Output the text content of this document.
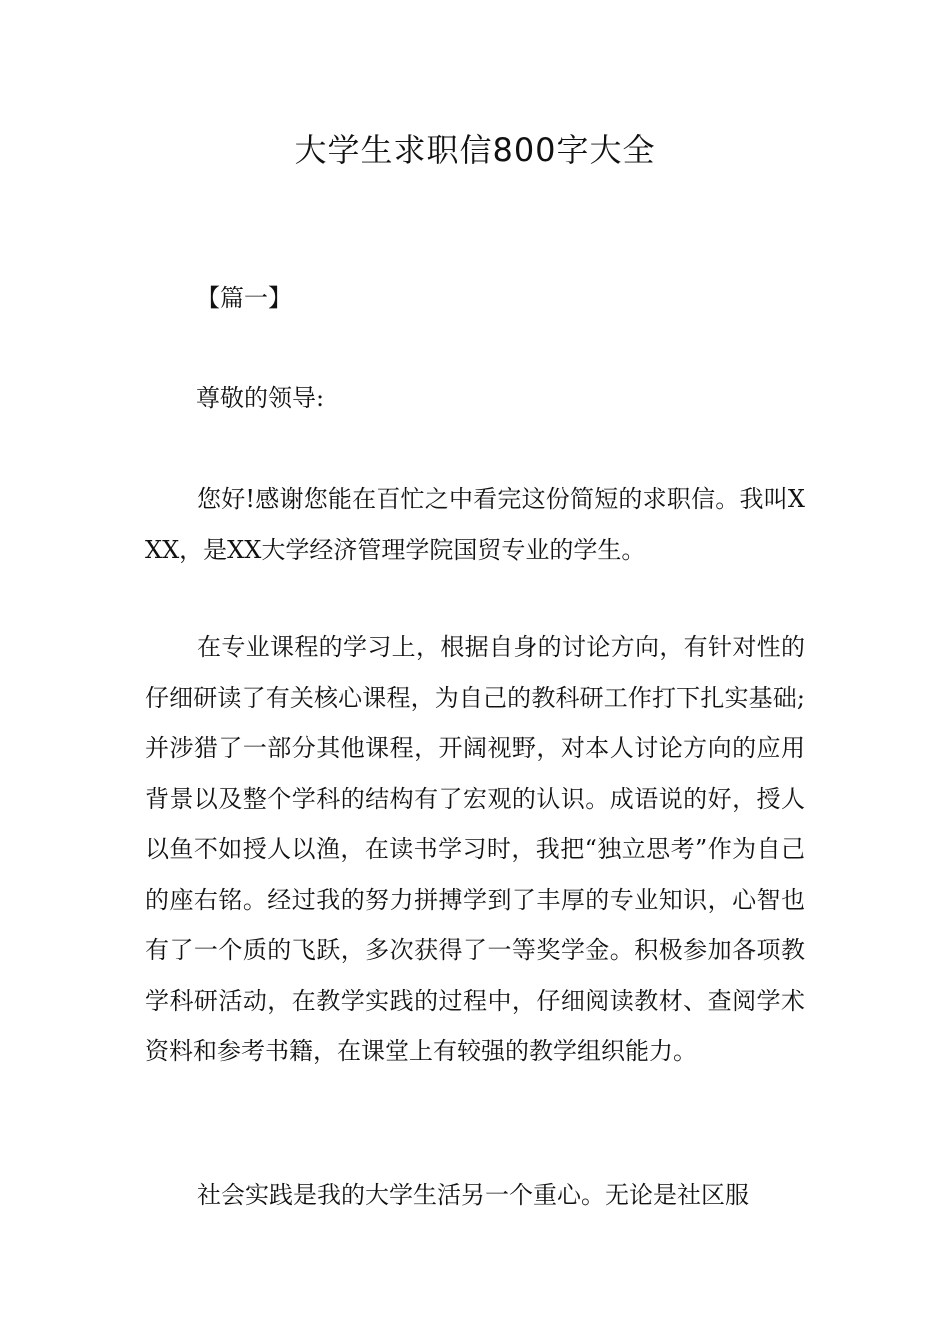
大学生求职信800字大全

【篇一】

尊敬的领导:

您好!感谢您能在百忙之中看完这份简短的求职信。我叫XXX，是XX大学经济管理学院国贸专业的学生。

在专业课程的学习上，根据自身的讨论方向，有针对性的仔细研读了有关核心课程，为自己的教科研工作打下扎实基础;并涉猎了一部分其他课程，开阔视野，对本人讨论方向的应用背景以及整个学科的结构有了宏观的认识。成语说的好，授人以鱼不如授人以渔，在读书学习时，我把“独立思考”作为自己的座右铭。经过我的努力拼搏学到了丰厚的专业知识，心智也有了一个质的飞跃，多次获得了一等奖学金。积极参加各项教学科研活动，在教学实践的过程中，仔细阅读教材、查阅学术资料和参考书籍，在课堂上有较强的教学组织能力。

社会实践是我的大学生活另一个重心。无论是社区服
